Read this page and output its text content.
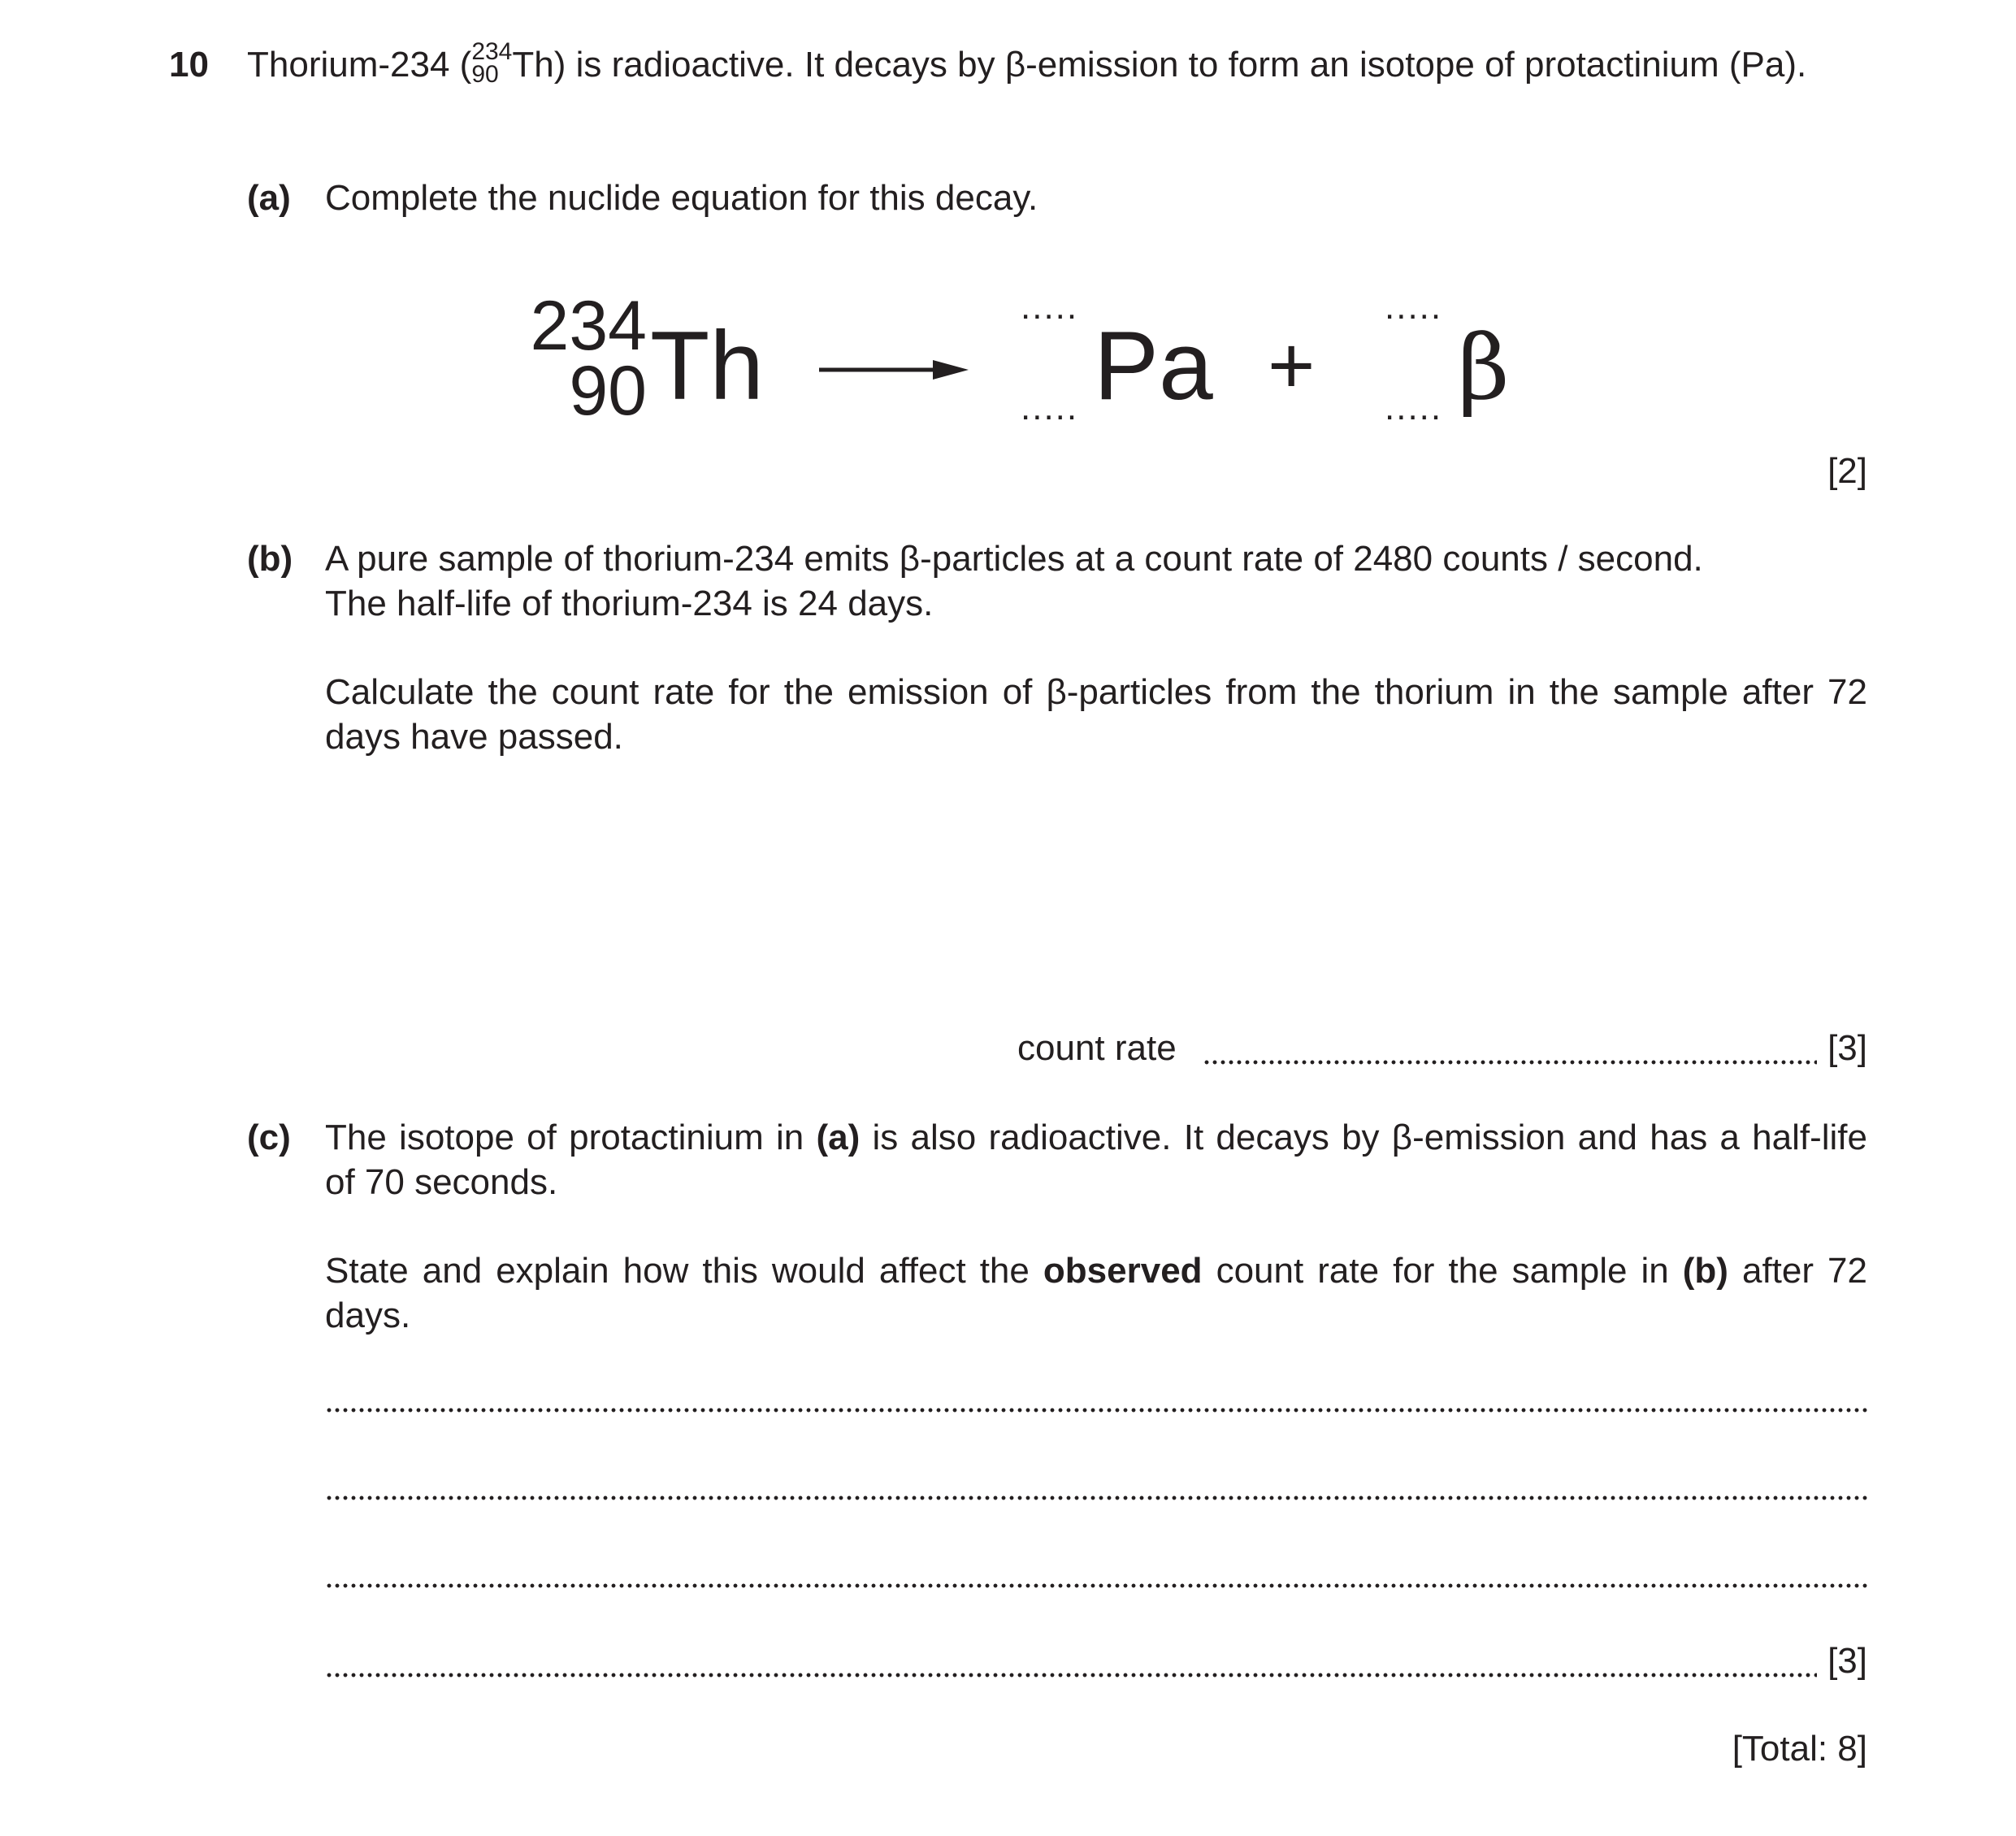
10 Thorium-234 ( 234
90 Th) is radioactive. It decays by β-emission to form an isotope of protactinium (Pa).
(a) Complete the nuclide equation for this decay.
234
90 Th
.....
..... Pa +
.....
..... β
[2]
(b) A pure sample of thorium-234 emits β-particles at a count rate of 2480 counts / second.
The half-life of thorium-234 is 24 days.
Calculate the count rate for the emission of β-particles from the thorium in the sample after 72 days have passed.
count rate	[3]
(c) The isotope of protactinium in (a) is also radioactive. It decays by β-emission and has a half-life of 70 seconds.
State and explain how this would affect the observed count rate for the sample in (b) after 72 days.
[3]
[Total: 8]
